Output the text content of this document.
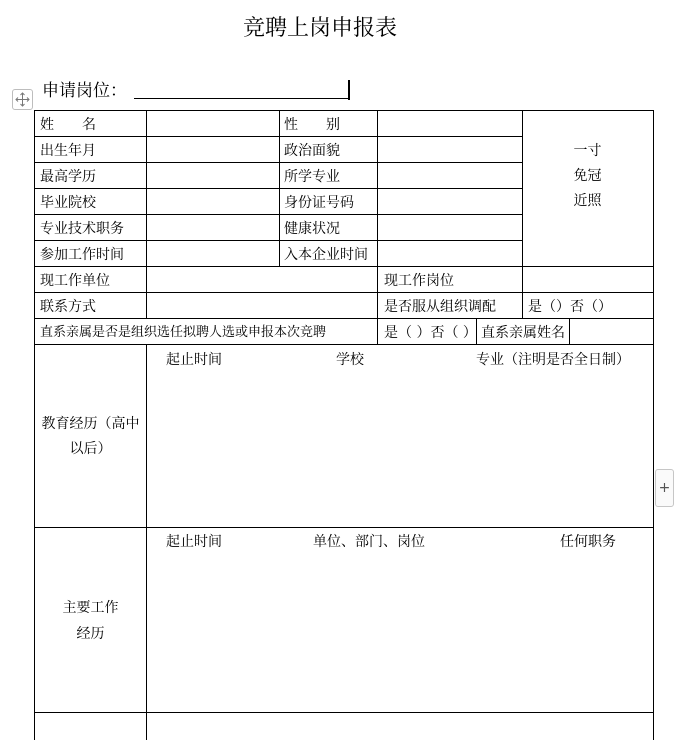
竞聘上岗申报表
申请岗位：
姓　　名	性　　别
出生年月	政治面貌
最高学历	所学专业
毕业院校	身份证号码
专业技术职务	健康状况
参加工作时间	入本企业时间
现工作单位	现工作岗位
联系方式	是否服从组织调配 是（）否（）
直系亲属是否是组织选任拟聘人选或申报本次竞聘	是（ ）否（ ） 直系亲属姓名
一寸
免冠
近照
教育经历（高中
以后）
起止时间	学校	专业（注明是否全日制）
主要工作
经历
起止时间	单位、部门、岗位	任何职务
+
